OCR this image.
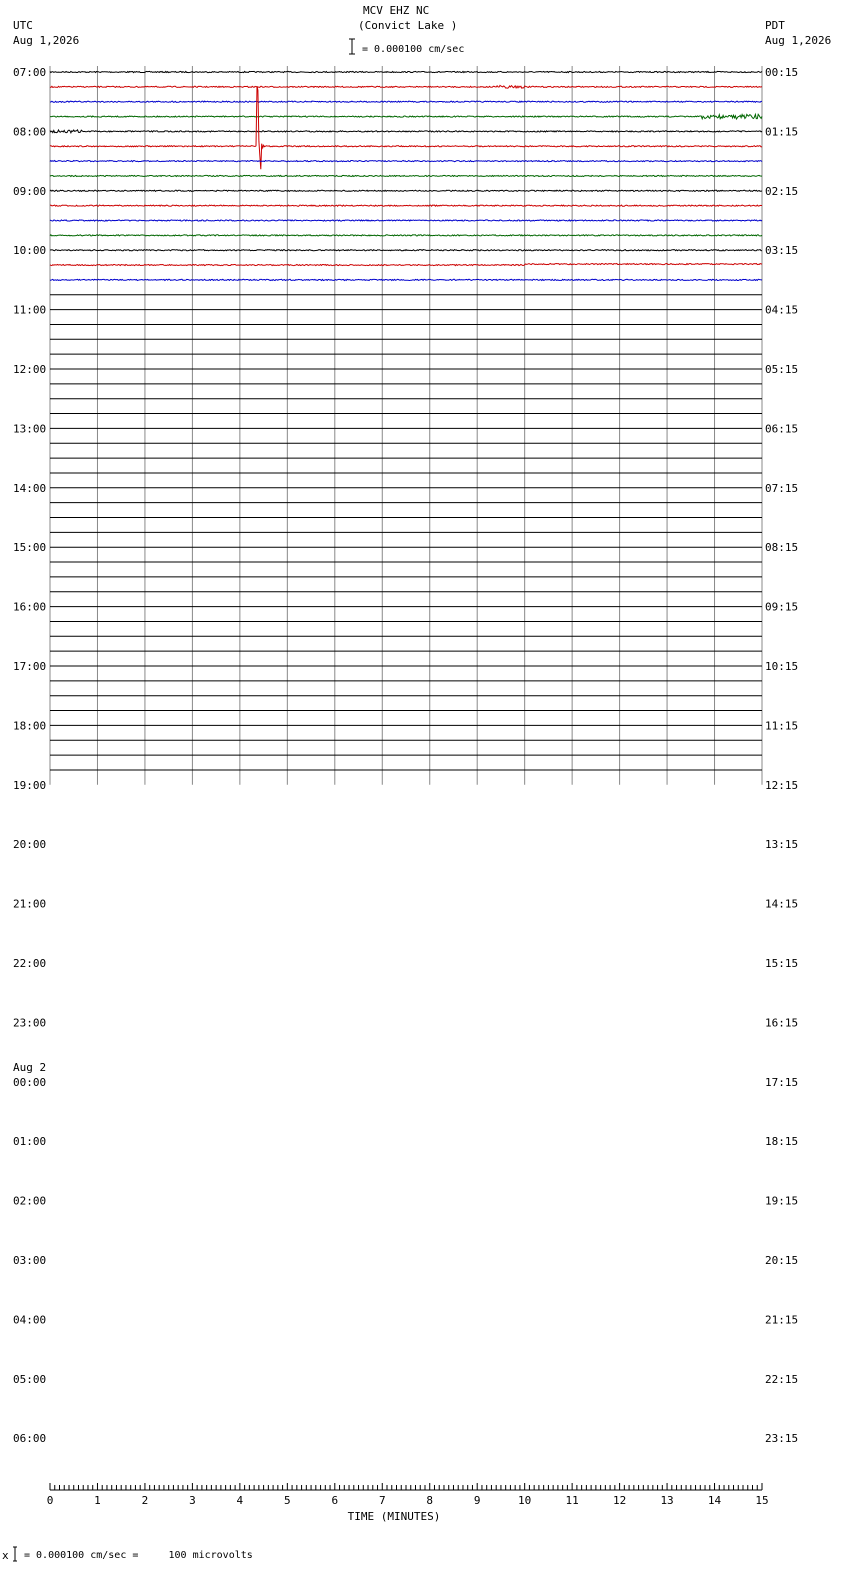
MCV EHZ NC
(Convict Lake )
UTC
Aug 1,2026
PDT
Aug 1,2026
= 0.000100 cm/sec
07:00
08:00
09:00
10:00
11:00
12:00
13:00
14:00
15:00
16:00
17:00
18:00
19:00
20:00
21:00
22:00
23:00
00:00
01:00
02:00
03:00
04:00
05:00
06:00
00:15
01:15
02:15
03:15
04:15
05:15
06:15
07:15
08:15
09:15
10:15
11:15
12:15
13:15
14:15
15:15
16:15
17:15
18:15
19:15
20:15
21:15
22:15
23:15
Aug 2
0	1	2	3	4	5	6	7	8	9	10	11	12	13	14	15
TIME (MINUTES)
x = 0.000100 cm/sec =     100 microvolts
